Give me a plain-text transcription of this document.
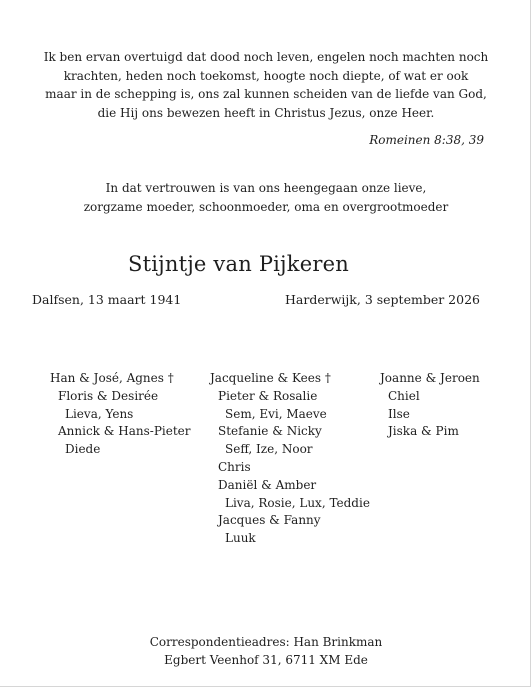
Ik ben ervan overtuigd dat dood noch leven, engelen noch machten noch
krachten, heden noch toekomst, hoogte noch diepte, of wat er ook
maar in de schepping is, ons zal kunnen scheiden van de liefde van God,
die Hij ons bewezen heeft in Christus Jezus, onze Heer.
Romeinen 8:38, 39
In dat vertrouwen is van ons heengegaan onze lieve,
zorgzame moeder, schoonmoeder, oma en overgrootmoeder
Stijntje van Pijkeren
Dalfsen, 13 maart 1941	Harderwijk, 3 september 2026
Han & José, Agnes †
Floris & Desirée
Lieva, Yens
Annick & Hans-Pieter
Diede
Jacqueline & Kees †
Pieter & Rosalie
Sem, Evi, Maeve
Stefanie & Nicky
Seff, Ize, Noor
Chris
Daniël & Amber
Liva, Rosie, Lux, Teddie
Jacques & Fanny
Luuk
Joanne & Jeroen
Chiel
Ilse
Jiska & Pim
Correspondentieadres: Han Brinkman
Egbert Veenhof 31, 6711 XM Ede
